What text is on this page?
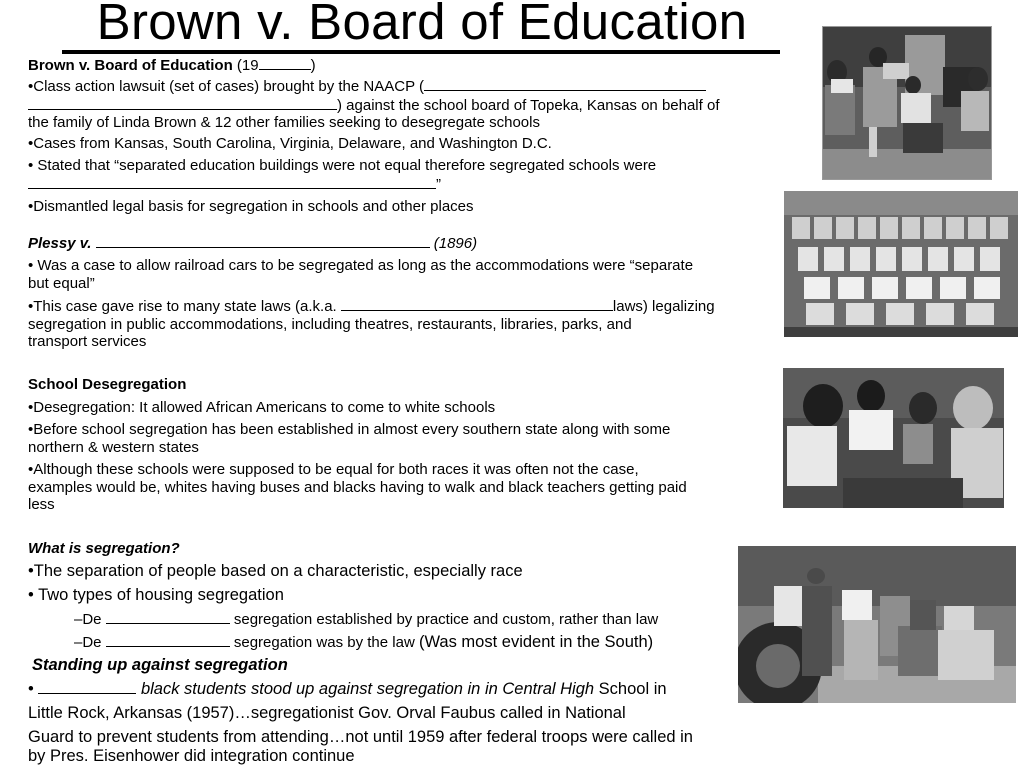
Brown v. Board of Education
Brown v. Board of Education (19	)
•Class action lawsuit (set of cases) brought by the NAACP (
) against the school board of Topeka, Kansas on behalf of
the family of Linda Brown & 12 other families seeking to desegregate schools
•Cases from Kansas, South Carolina, Virginia, Delaware, and Washington D.C.
• Stated that “separated education buildings were not equal therefore segregated schools were
”
•Dismantled legal basis for segregation in schools and other places
Plessy v.	(1896)
• Was a case to allow railroad cars to be segregated as long as the accommodations were “separate
but equal”
•This case gave rise to many state laws (a.k.a.	laws) legalizing
segregation in public accommodations, including theatres, restaurants, libraries, parks, and
transport services
School Desegregation
•Desegregation: It allowed African Americans to come to white schools
•Before school segregation has been established in almost every southern state along with some
northern & western states
•Although these schools were supposed to be equal for both races it was often not the case,
examples would be, whites having buses and blacks having to walk and black teachers getting paid
less
What is segregation?
•The separation of people based on a characteristic, especially race
• Two types of housing segregation
–De	segregation established by practice and custom, rather than law
–De	segregation was by the law (Was most evident in the South)
Standing up against segregation
•	black students stood up against segregation in in Central High School in
Little Rock, Arkansas (1957)…segregationist Gov. Orval Faubus called in National
Guard to prevent students from attending…not until 1959 after federal troops were called in
by Pres. Eisenhower did integration continue
